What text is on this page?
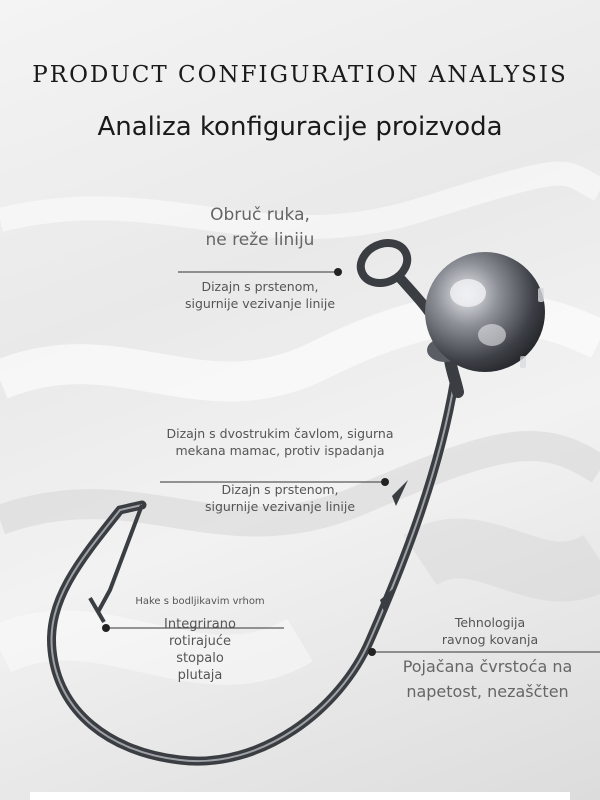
PRODUCT CONFIGURATION ANALYSIS
Analiza konfiguracije proizvoda
Obruč ruka,
ne reže liniju
Dizajn s prstenom,
sigurnije vezivanje linije
Dizajn s dvostrukim čavlom, sigurna
mekana mamac, protiv ispadanja
Dizajn s prstenom,
sigurnije vezivanje linije
Hake s bodljikavim vrhom
Integrirano
rotirajuće
stopalo
plutaja
Tehnologija
ravnog kovanja
Pojačana čvrstoća na
napetost, nezaščten
